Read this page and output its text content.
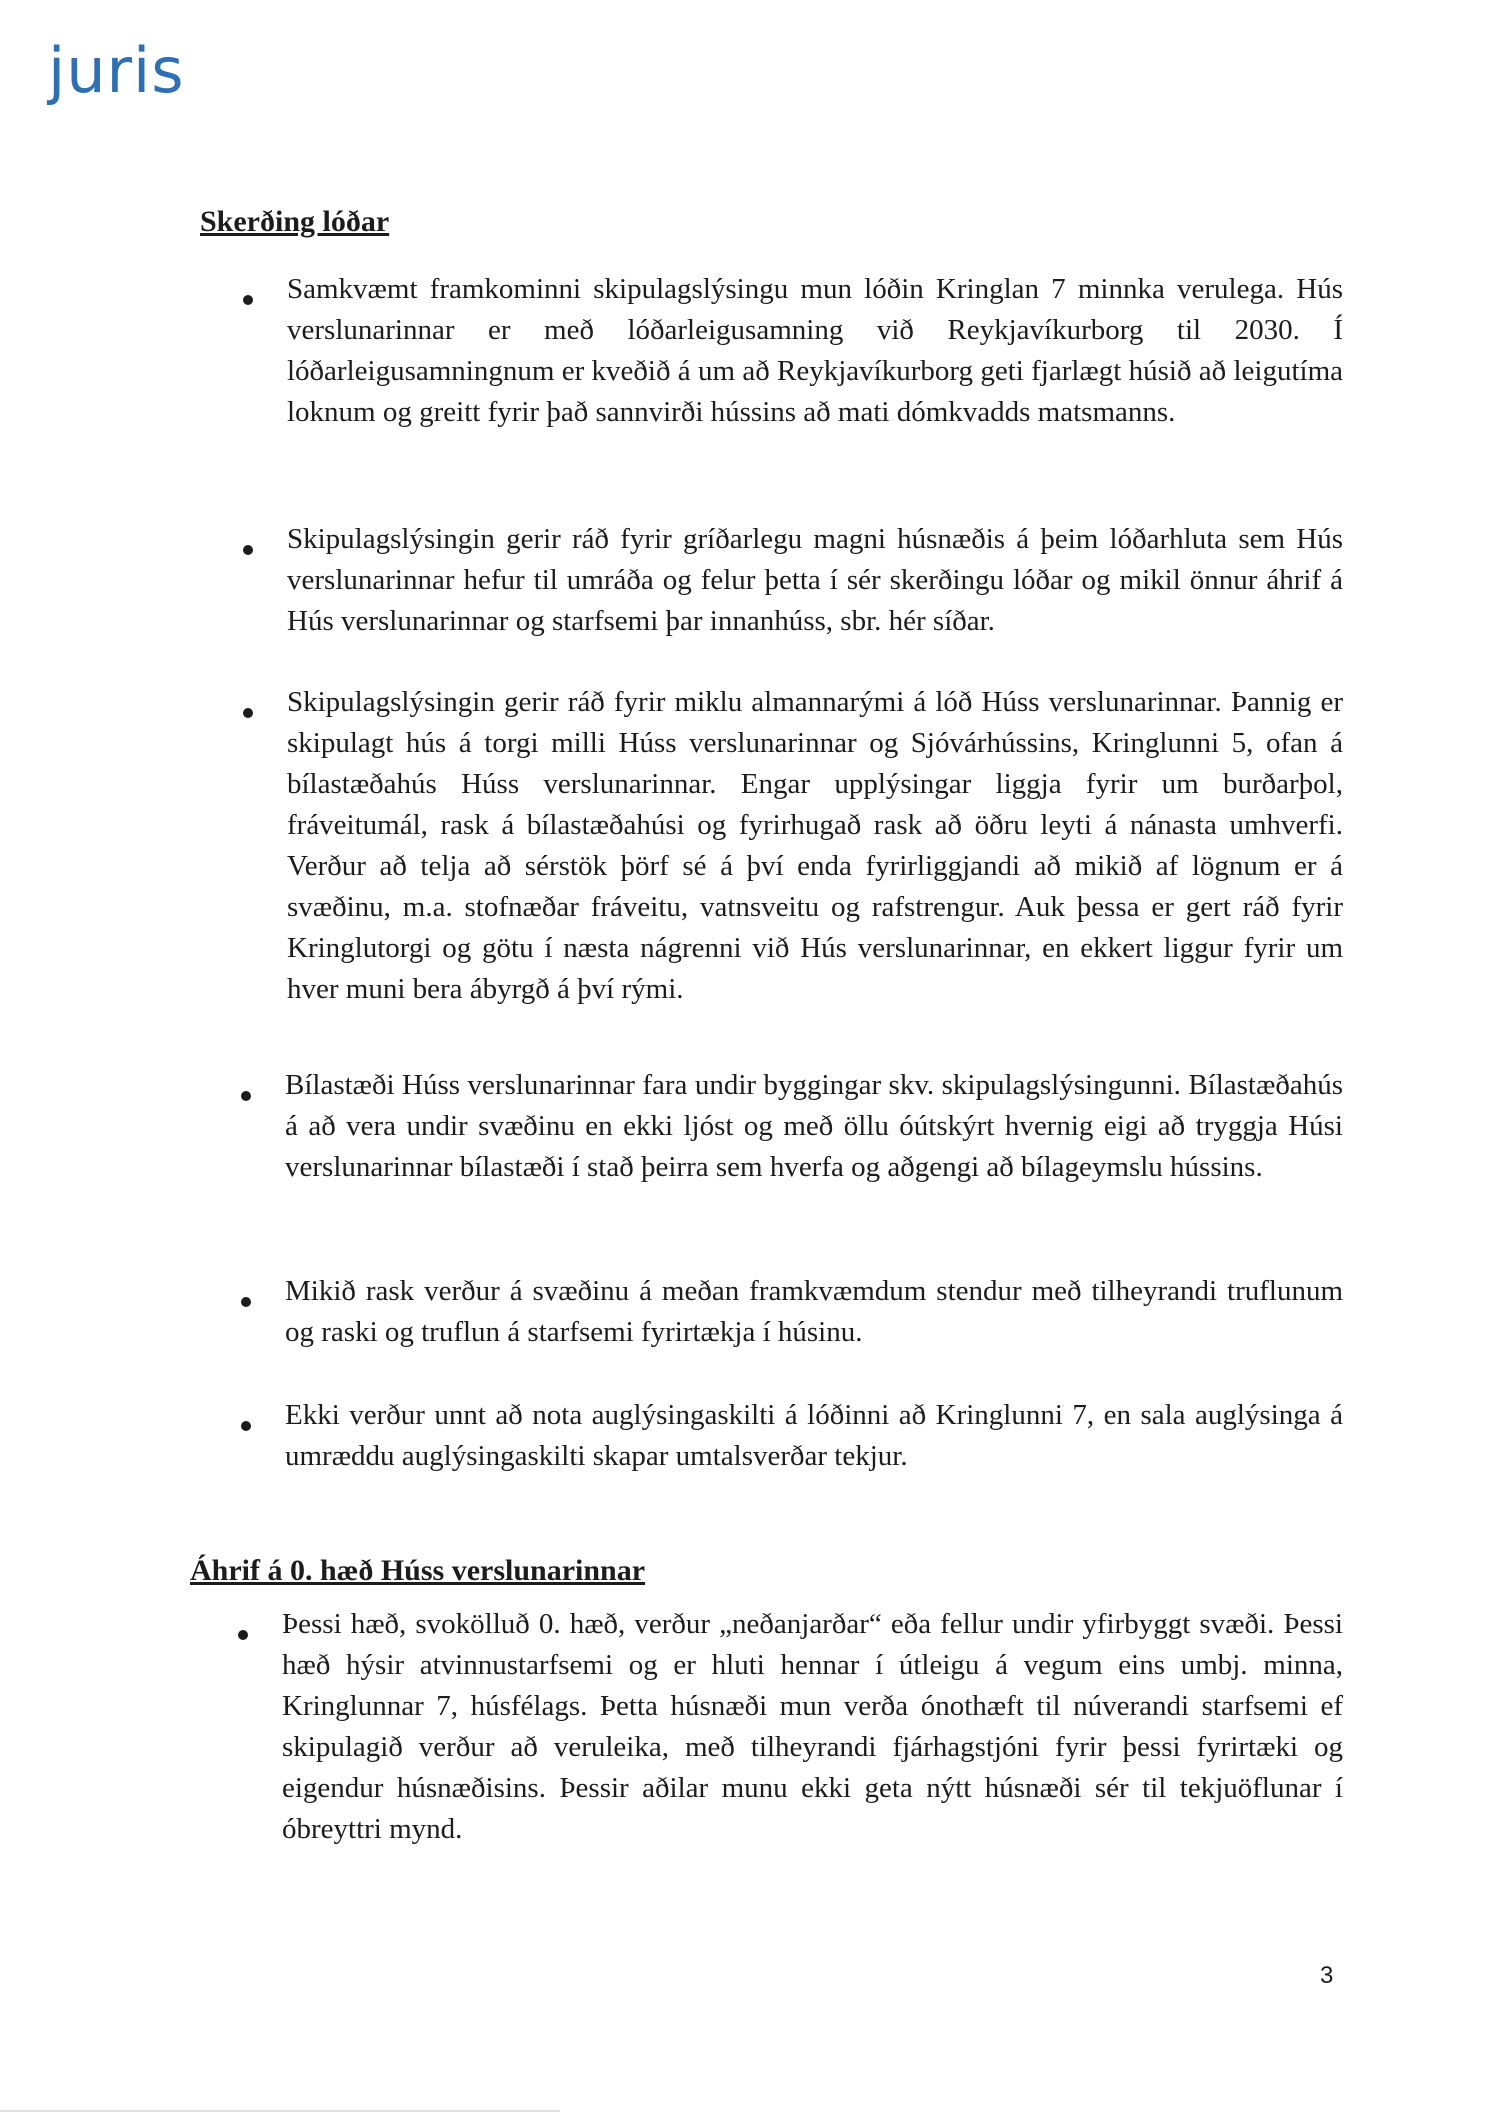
juris
Skerðing lóðar

Samkvæmt framkominni skipulagslýsingu mun lóðin Kringlan 7 minnka verulega. Hús verslunarinnar er með lóðarleigusamning við Reykjavíkurborg til 2030. Í lóðarleigusamningnum er kveðið á um að Reykjavíkurborg geti fjarlægt húsið að leigutíma loknum og greitt fyrir það sannvirði hússins að mati dómkvadds matsmanns.

Skipulagslýsingin gerir ráð fyrir gríðarlegu magni húsnæðis á þeim lóðarhluta sem Hús verslunarinnar hefur til umráða og felur þetta í sér skerðingu lóðar og mikil önnur áhrif á Hús verslunarinnar og starfsemi þar innanhúss, sbr. hér síðar.

Skipulagslýsingin gerir ráð fyrir miklu almannarými á lóð Húss verslunarinnar. Þannig er skipulagt hús á torgi milli Húss verslunarinnar og Sjóvárhússins, Kringlunni 5, ofan á bílastæðahús Húss verslunarinnar. Engar upplýsingar liggja fyrir um burðarþol, fráveitumál, rask á bílastæðahúsi og fyrirhugað rask að öðru leyti á nánasta umhverfi. Verður að telja að sérstök þörf sé á því enda fyrirliggjandi að mikið af lögnum er á svæðinu, m.a. stofnæðar fráveitu, vatnsveitu og rafstrengur. Auk þessa er gert ráð fyrir Kringlutorgi og götu í næsta nágrenni við Hús verslunarinnar, en ekkert liggur fyrir um hver muni bera ábyrgð á því rými.

Bílastæði Húss verslunarinnar fara undir byggingar skv. skipulagslýsingunni. Bílastæðahús á að vera undir svæðinu en ekki ljóst og með öllu óútskýrt hvernig eigi að tryggja Húsi verslunarinnar bílastæði í stað þeirra sem hverfa og aðgengi að bílageymslu hússins.

Mikið rask verður á svæðinu á meðan framkvæmdum stendur með tilheyrandi truflunum og raski og truflun á starfsemi fyrirtækja í húsinu.

Ekki verður unnt að nota auglýsingaskilti á lóðinni að Kringlunni 7, en sala auglýsinga á umræddu auglýsingaskilti skapar umtalsverðar tekjur.

Áhrif á 0. hæð Húss verslunarinnar

Þessi hæð, svokölluð 0. hæð, verður „neðanjarðar“ eða fellur undir yfirbyggt svæði. Þessi hæð hýsir atvinnustarfsemi og er hluti hennar í útleigu á vegum eins umbj. minna, Kringlunnar 7, húsfélags. Þetta húsnæði mun verða ónothæft til núverandi starfsemi ef skipulagið verður að veruleika, með tilheyrandi fjárhagstjóni fyrir þessi fyrirtæki og eigendur húsnæðisins. Þessir aðilar munu ekki geta nýtt húsnæði sér til tekjuöflunar í óbreyttri mynd.

3
